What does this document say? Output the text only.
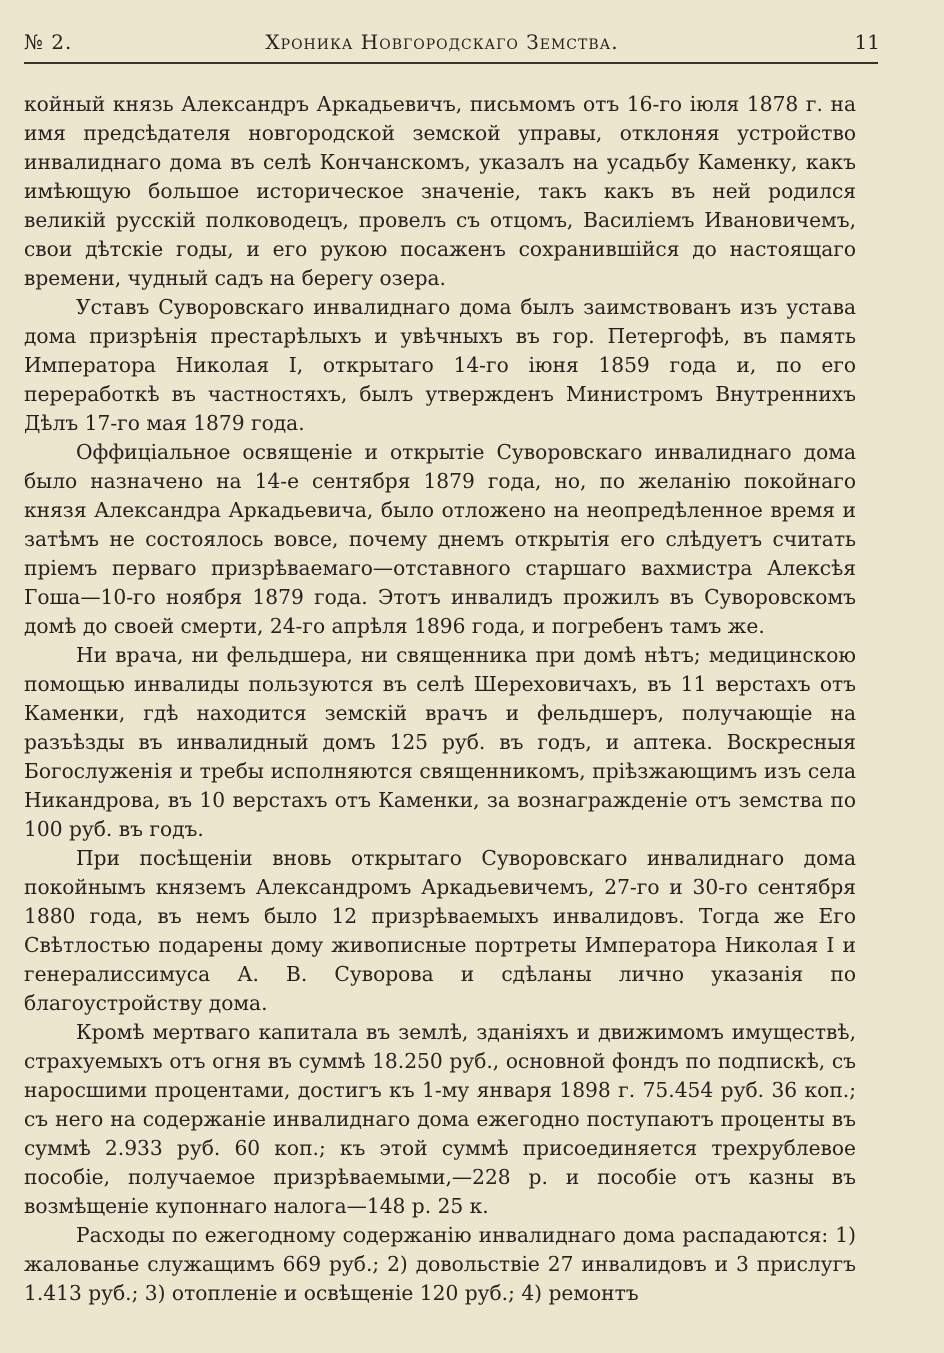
№ 2.	Хроника Новгородскаго Земства.	11

койный князь Александръ Аркадьевичъ, письмомъ отъ 16-го іюля 1878 г. на имя предсѣдателя новгородской земской управы, отклоняя устройство инвалиднаго дома въ селѣ Кончанскомъ, указалъ на усадьбу Каменку, какъ имѣющую большое историческое значеніе, такъ какъ въ ней родился великій русскій полководецъ, провелъ съ отцомъ, Василіемъ Ивановичемъ, свои дѣтскіе годы, и его рукою посаженъ сохранившійся до настоящаго времени, чудный садъ на берегу озера.

Уставъ Суворовскаго инвалиднаго дома былъ заимствованъ изъ устава дома призрѣнія престарѣлыхъ и увѣчныхъ въ гор. Петергофѣ, въ память Императора Николая I, открытаго 14-го іюня 1859 года и, по его переработкѣ въ частностяхъ, былъ утвержденъ Министромъ Внутреннихъ Дѣлъ 17-го мая 1879 года.

Оффиціальное освященіе и открытіе Суворовскаго инвалиднаго дома было назначено на 14-е сентября 1879 года, но, по желанію покойнаго князя Александра Аркадьевича, было отложено на неопредѣленное время и затѣмъ не состоялось вовсе, почему днемъ открытія его слѣдуетъ считать пріемъ перваго призрѣваемаго—отставного старшаго вахмистра Алексѣя Гоша—10-го ноября 1879 года. Этотъ инвалидъ прожилъ въ Суворовскомъ домѣ до своей смерти, 24-го апрѣля 1896 года, и погребенъ тамъ же.

Ни врача, ни фельдшера, ни священника при домѣ нѣтъ; медицинскою помощью инвалиды пользуются въ селѣ Шереховичахъ, въ 11 верстахъ отъ Каменки, гдѣ находится земскій врачъ и фельдшеръ, получающіе на разъѣзды въ инвалидный домъ 125 руб. въ годъ, и аптека. Воскресныя Богослуженія и требы исполняются священникомъ, пріѣзжающимъ изъ села Никандрова, въ 10 верстахъ отъ Каменки, за вознагражденіе отъ земства по 100 руб. въ годъ.

При посѣщеніи вновь открытаго Суворовскаго инвалиднаго дома покойнымъ княземъ Александромъ Аркадьевичемъ, 27-го и 30-го сентября 1880 года, въ немъ было 12 призрѣваемыхъ инвалидовъ. Тогда же Его Свѣтлостью подарены дому живописные портреты Императора Николая I и генералиссимуса А. В. Суворова и сдѣланы лично указанія по благоустройству дома.

Кромѣ мертваго капитала въ землѣ, зданіяхъ и движимомъ имуществѣ, страхуемыхъ отъ огня въ суммѣ 18.250 руб., основной фондъ по подпискѣ, съ наросшими процентами, достигъ къ 1-му января 1898 г. 75.454 руб. 36 коп.; съ него на содержаніе инвалиднаго дома ежегодно поступаютъ проценты въ суммѣ 2.933 руб. 60 коп.; къ этой суммѣ присоединяется трехрублевое пособіе, получаемое призрѣваемыми,—228 р. и пособіе отъ казны въ возмѣщеніе купоннаго налога—148 р. 25 к.

Расходы по ежегодному содержанію инвалиднаго дома распадаются: 1) жалованье служащимъ 669 руб.; 2) довольствіе 27 инвалидовъ и 3 прислугъ 1.413 руб.; 3) отопленіе и освѣщеніе 120 руб.; 4) ремонтъ
